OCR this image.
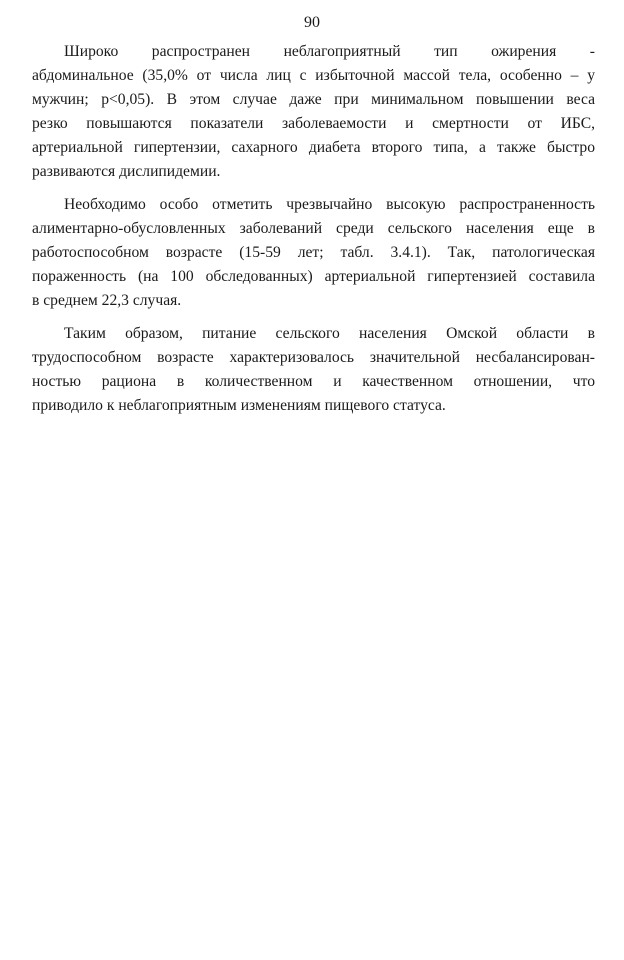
90
Широко распространен неблагоприятный тип ожирения -
абдоминальное (35,0% от числа лиц с избыточной массой тела, особенно – у
мужчин; р<0,05). В этом случае даже при минимальном повышении веса
резко повышаются показатели заболеваемости и смертности от ИБС,
артериальной гипертензии, сахарного диабета второго типа, а также быстро
развиваются дислипидемии.
Необходимо особо отметить чрезвычайно высокую распространенность
алиментарно-обусловленных заболеваний среди сельского населения еще в
работоспособном возрасте (15-59 лет; табл. 3.4.1). Так, патологическая
пораженность (на 100 обследованных) артериальной гипертензией составила
в среднем 22,3 случая.
Таким образом, питание сельского населения Омской области в
трудоспособном возрасте характеризовалось значительной несбалансирован-
ностью рациона в количественном и качественном отношении, что
приводило к неблагоприятным изменениям пищевого статуса.
